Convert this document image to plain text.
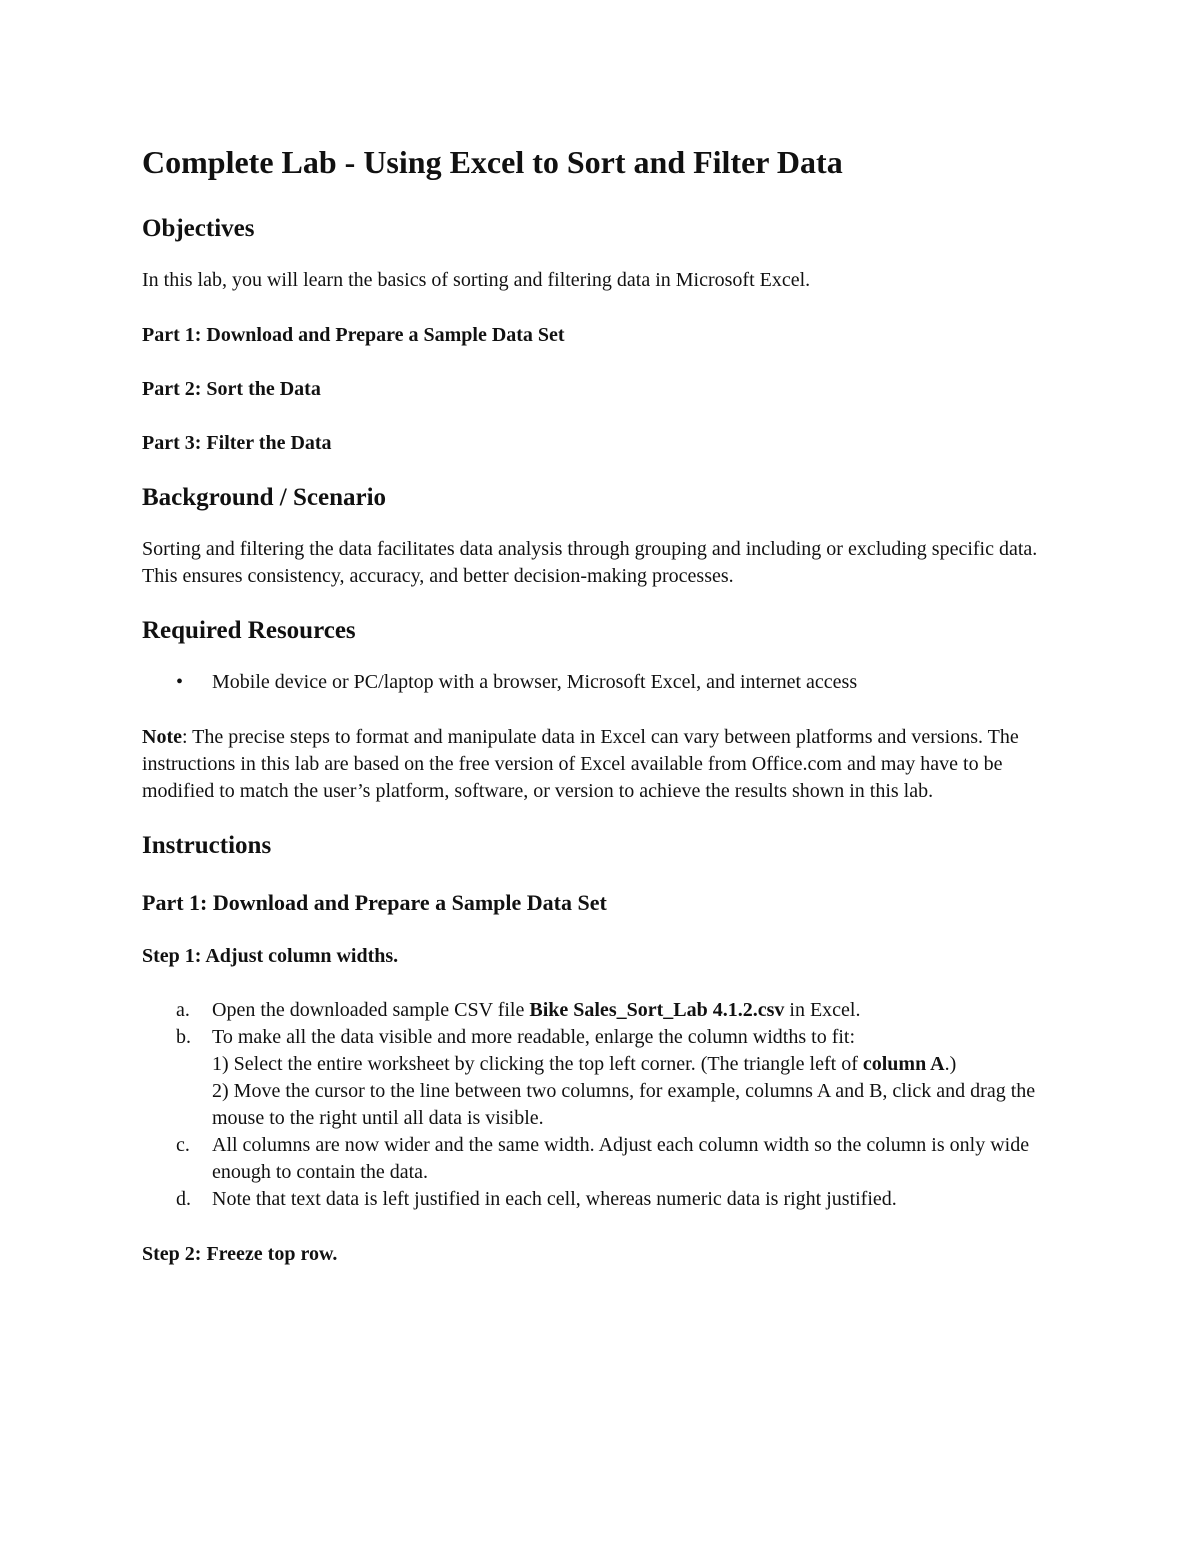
Complete Lab - Using Excel to Sort and Filter Data
Objectives

In this lab, you will learn the basics of sorting and filtering data in Microsoft Excel.

Part 1: Download and Prepare a Sample Data Set

Part 2: Sort the Data

Part 3: Filter the Data

Background / Scenario

Sorting and filtering the data facilitates data analysis through grouping and including or excluding specific data. This ensures consistency, accuracy, and better decision-making processes.

Required Resources
• Mobile device or PC/laptop with a browser, Microsoft Excel, and internet access

Note: The precise steps to format and manipulate data in Excel can vary between platforms and versions. The instructions in this lab are based on the free version of Excel available from Office.com and may have to be modified to match the user’s platform, software, or version to achieve the results shown in this lab.

Instructions

Part 1: Download and Prepare a Sample Data Set

Step 1: Adjust column widths.

a. Open the downloaded sample CSV file Bike Sales_Sort_Lab 4.1.2.csv in Excel.
b. To make all the data visible and more readable, enlarge the column widths to fit:
1) Select the entire worksheet by clicking the top left corner. (The triangle left of column A.)
2) Move the cursor to the line between two columns, for example, columns A and B, click and drag the mouse to the right until all data is visible.
c. All columns are now wider and the same width. Adjust each column width so the column is only wide enough to contain the data.
d. Note that text data is left justified in each cell, whereas numeric data is right justified.

Step 2: Freeze top row.
